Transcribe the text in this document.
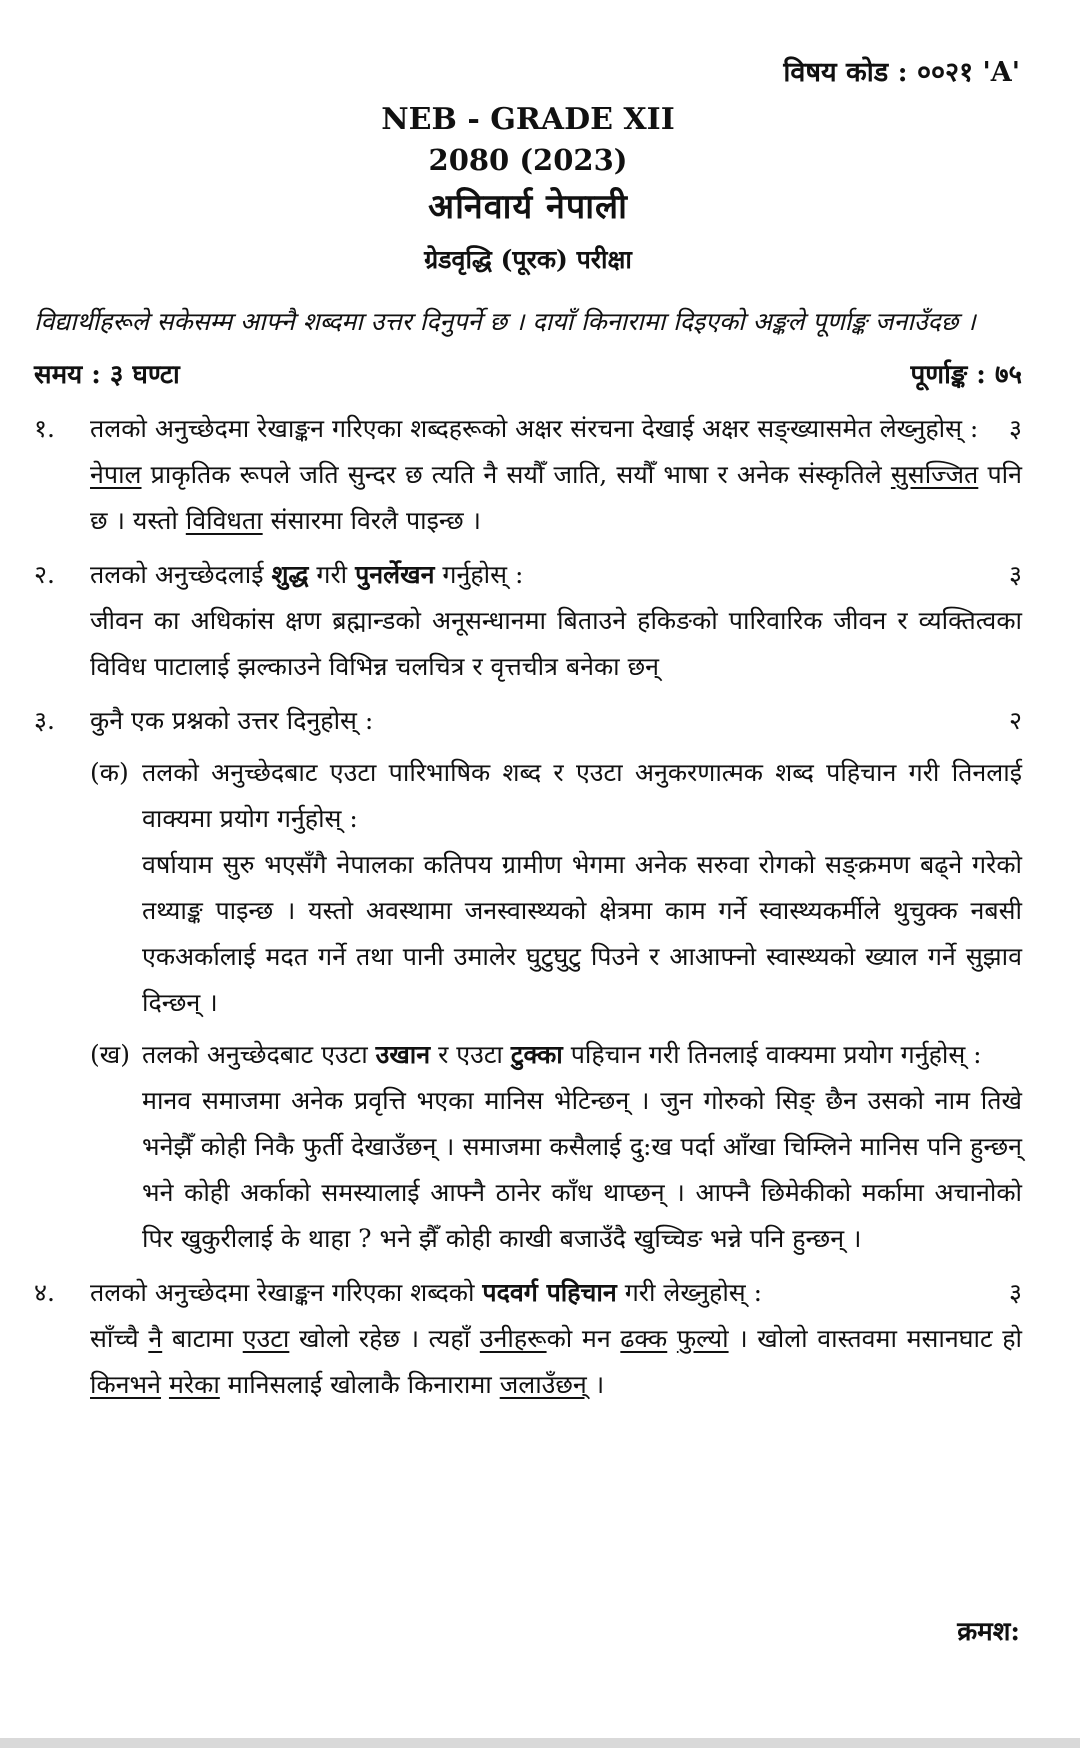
विषय कोड : ००२१ 'A'

NEB - GRADE XII

2080 (2023)

अनिवार्य नेपाली

ग्रेडवृद्धि (पूरक) परीक्षा

विद्यार्थीहरूले सकेसम्म आफ्नै शब्दमा उत्तर दिनुपर्ने छ । दायाँ किनारामा दिइएको अङ्कले पूर्णाङ्क जनाउँदछ ।

समय : ३ घण्टा	पूर्णाङ्क : ७५
१.	तलको अनुच्छेदमा रेखाङ्कन गरिएका शब्दहरूको अक्षर संरचना देखाई अक्षर सङ्ख्यासमेत लेख्नुहोस् : ३
नेपाल प्राकृतिक रूपले जति सुन्दर छ त्यति नै सयौँ जाति, सयौँ भाषा र अनेक संस्कृतिले सुसज्जित पनि छ । यस्तो विविधता संसारमा विरलै पाइन्छ ।
२.	तलको अनुच्छेदलाई शुद्ध गरी पुनर्लेखन गर्नुहोस् :	३
जीवन का अधिकांस क्षण ब्रह्मान्डको अनूसन्धानमा बिताउने हकिङको पारिवारिक जीवन र व्यक्तित्वका विविध पाटालाई झल्काउने विभिन्न चलचित्र र वृत्तचीत्र बनेका छन्
३.	कुनै एक प्रश्नको उत्तर दिनुहोस् :	२
(क) तलको अनुच्छेदबाट एउटा पारिभाषिक शब्द र एउटा अनुकरणात्मक शब्द पहिचान गरी तिनलाई वाक्यमा प्रयोग गर्नुहोस् :
वर्षायाम सुरु भएसँगै नेपालका कतिपय ग्रामीण भेगमा अनेक सरुवा रोगको सङ्क्रमण बढ्ने गरेको तथ्याङ्क पाइन्छ । यस्तो अवस्थामा जनस्वास्थ्यको क्षेत्रमा काम गर्ने स्वास्थ्यकर्मीले थुचुक्क नबसी एकअर्कालाई मदत गर्ने तथा पानी उमालेर घुटुघुटु पिउने र आआफ्नो स्वास्थ्यको ख्याल गर्ने सुझाव दिन्छन् ।
(ख) तलको अनुच्छेदबाट एउटा उखान र एउटा टुक्का पहिचान गरी तिनलाई वाक्यमा प्रयोग गर्नुहोस् :
मानव समाजमा अनेक प्रवृत्ति भएका मानिस भेटिन्छन् । जुन गोरुको सिङ् छैन उसको नाम तिखे भनेझैँ कोही निकै फुर्ती देखाउँछन् । समाजमा कसैलाई दु:ख पर्दा आँखा चिम्लिने मानिस पनि हुन्छन् भने कोही अर्काको समस्यालाई आफ्नै ठानेर काँध थाप्छन् । आफ्नै छिमेकीको मर्कामा अचानोको पिर खुकुरीलाई के थाहा ? भने झैँ कोही काखी बजाउँदै खुच्चिङ भन्ने पनि हुन्छन् ।
४.	तलको अनुच्छेदमा रेखाङ्कन गरिएका शब्दको पदवर्ग पहिचान गरी लेख्नुहोस् :	३
साँच्चै नै बाटामा एउटा खोलो रहेछ । त्यहाँ उनीहरूको मन ढक्क फुल्यो । खोलो वास्तवमा मसानघाट हो किनभने मरेका मानिसलाई खोलाकै किनारामा जलाउँछन् ।
क्रमश:
